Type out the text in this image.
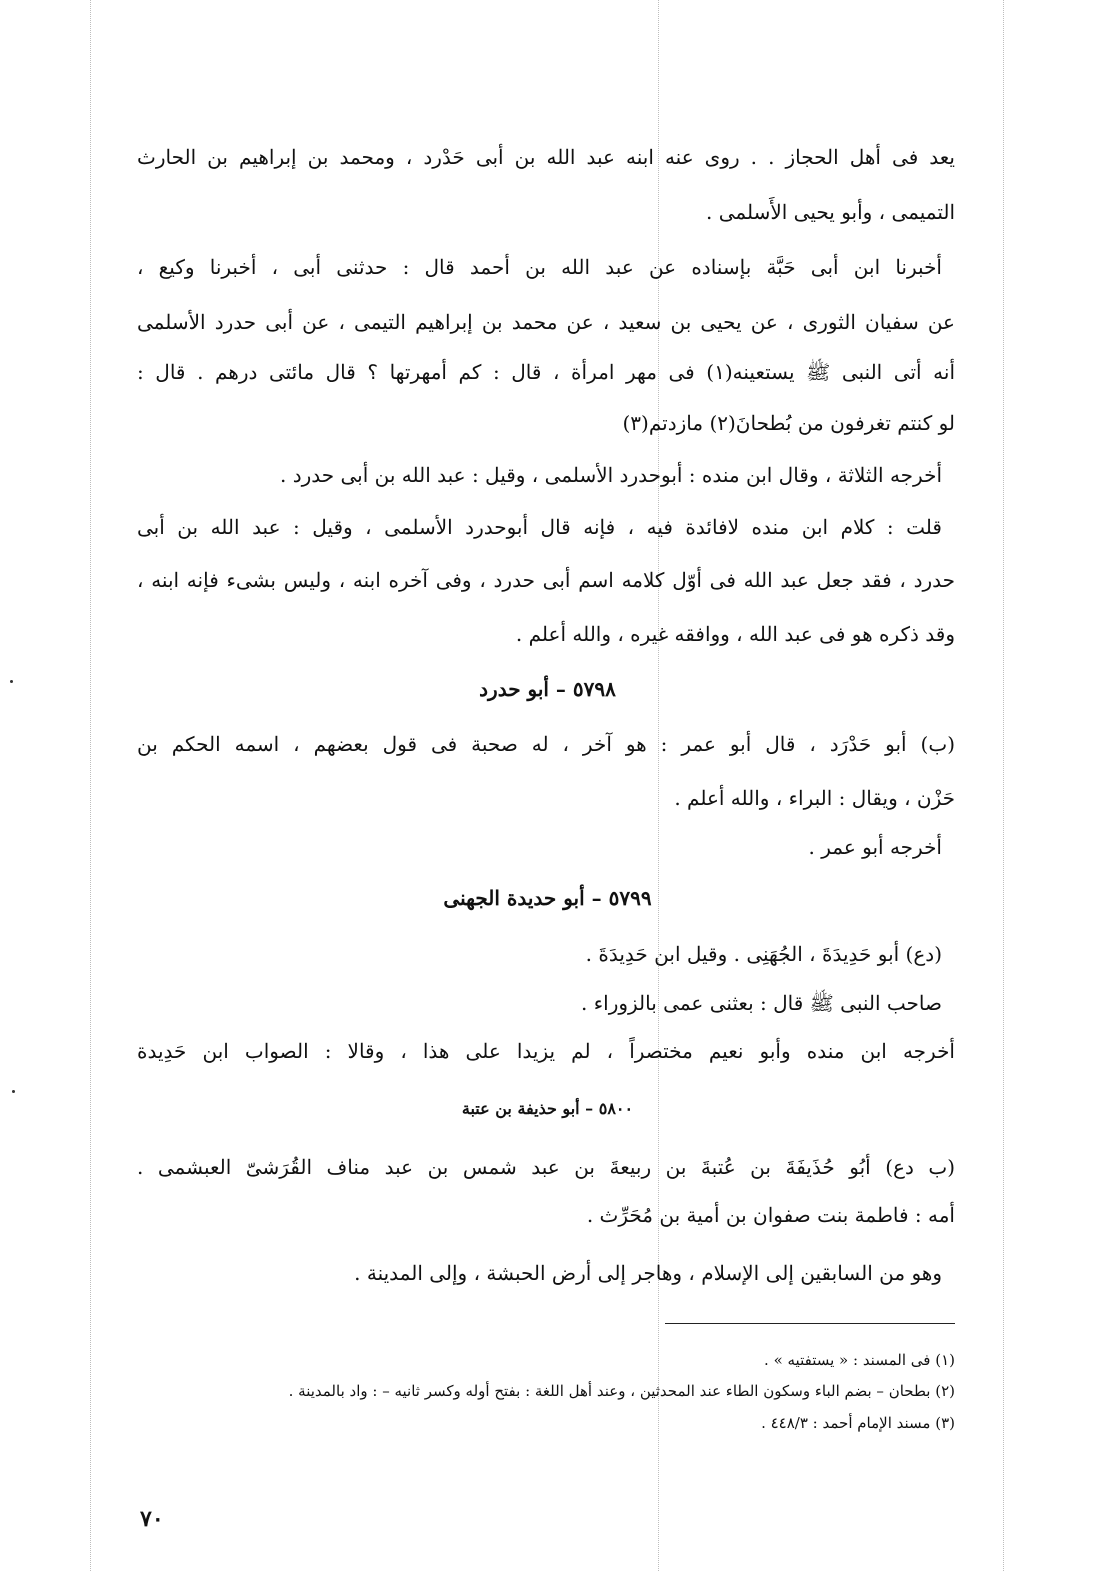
يعد فى أهل الحجاز . . روى عنه ابنه عبد الله بن أبى حَدْرد ، ومحمد بن إبراهيم بن الحارث
التميمى ، وأبو يحيى الأَسلمى .
أخبرنا ابن أبى حَبَّة بإسناده عن عبد الله بن أحمد قال : حدثنى أبى ، أخبرنا وكيع ،
عن سفيان الثورى ، عن يحيى بن سعيد ، عن محمد بن إبراهيم التيمى ، عن أبى حدرد الأسلمى
أنه أتى النبى ﷺ يستعينه(١) فى مهر امرأة ، قال : كم أمهرتها ؟ قال مائتى درهم . قال :
لو كنتم تغرفون من بُطحانَ(٢) مازدتم(٣)
أخرجه الثلاثة ، وقال ابن منده : أبوحدرد الأسلمى ، وقيل : عبد الله بن أبى حدرد .
قلت : كلام ابن منده لافائدة فيه ، فإنه قال أبوحدرد الأسلمى ، وقيل : عبد الله بن أبى
حدرد ، فقد جعل عبد الله فى أوّل كلامه اسم أبى حدرد ، وفى آخره ابنه ، وليس بشىء فإنه ابنه ،
وقد ذكره هو فى عبد الله ، ووافقه غيره ، والله أعلم .
٥٧٩٨ – أبو حدرد
(ب) أبو حَدْرَد ، قال أبو عمر : هو آخر ، له صحبة فى قول بعضهم ، اسمه الحكم بن
حَزْن ، ويقال : البراء ، والله أعلم .
أخرجه أبو عمر .
٥٧٩٩ – أبو حديدة الجهنى
(دع) أبو حَدِيدَةَ ، الجُهَنِى . وقيل ابن حَدِيدَةَ .
صاحب النبى ﷺ قال : بعثنى عمى بالزوراء .
أخرجه ابن منده وأبو نعيم مختصراً ، لم يزيدا على هذا ، وقالا : الصواب ابن حَدِيدة
٥٨٠٠ – أبو حذيفة بن عتبة
(ب دع) أبُو حُذَيفَةَ بن عُتبةَ بن ربيعةَ بن عبد شمس بن عبد مناف القُرَشىّ العبشمى .
أمه : فاطمة بنت صفوان بن أمية بن مُحَرِّث .
وهو من السابقين إلى الإسلام ، وهاجر إلى أرض الحبشة ، وإلى المدينة .
(١) فى المسند : « يستفتيه » .
(٢) بطحان – بضم الباء وسكون الطاء عند المحدثين ، وعند أهل اللغة : بفتح أوله وكسر ثانيه – : واد بالمدينة .
(٣) مسند الإمام أحمد : ٤٤٨/٣ .
٧٠
